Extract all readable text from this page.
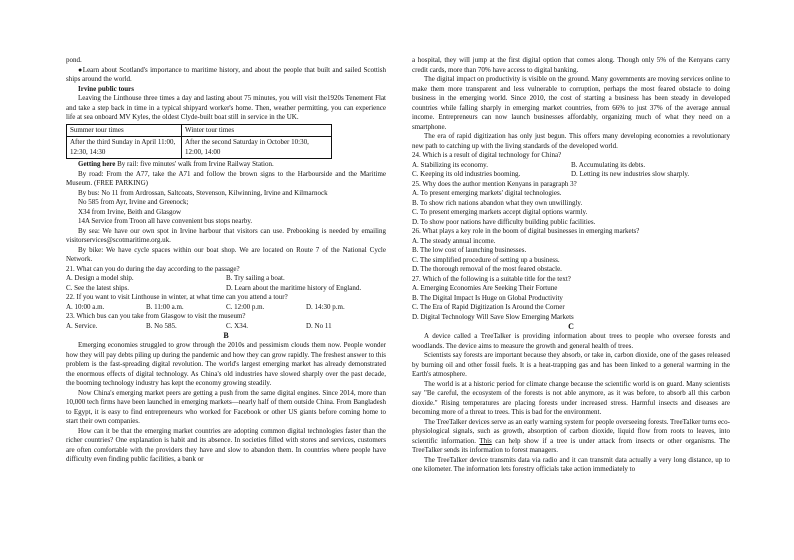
pond.

●Learn about Scotland's importance to maritime history, and about the people that built and sailed Scottish ships around the world.

Irvine public tours

Leaving the Linthouse three times a day and lasting about 75 minutes, you will visit the1920s Tenement Flat and take a step back in time in a typical shipyard worker's home. Then, weather permitting, you can experience life at sea onboard MV Kyles, the oldest Clyde-built boat still in service in the UK.

Summer tour times	Winter tour times
After the third Sunday in April 11:00, 12:30, 14:30	After the second Saturday in October 10:30, 12:00, 14:00

Getting here By rail: five minutes' walk from Irvine Railway Station.

By road: From the A77, take the A71 and follow the brown signs to the Harbourside and the Maritime Museum. (FREE PARKING)

By bus: No 11 from Ardrossan, Saltcoats, Stevenson, Kilwinning, Irvine and Kilmarnock

No 585 from Ayr, Irvine and Greenock;

X34 from Irvine, Beith and Glasgow

14A Service from Troon all have convenient bus stops nearby.

By sea: We have our own spot in Irvine harbour that visitors can use. Prebooking is needed by emailing visitorservices@scotmaritime.org.uk.

By bike: We have cycle spaces within our boat shop. We are located on Route 7 of the National Cycle Network.

21. What can you do during the day according to the passage?

A. Design a model ship.	B. Try sailing a boat.
C. See the latest ships.	D. Learn about the maritime history of England.

22. If you want to visit Linthouse in winter, at what time can you attend a tour?

A. 10:00 a.m.	B. 11:00 a.m.	C. 12:00 p.m.	D. 14:30 p.m.

23. Which bus can you take from Glasgow to visit the museum?

A. Service.	B. No 585.	C. X34.	D. No 11

B

Emerging economies struggled to grow through the 2010s and pessimism clouds them now. People wonder how they will pay debts piling up during the pandemic and how they can grow rapidly. The freshest answer to this problem is the fast-spreading digital revolution. The world's largest emerging market has already demonstrated the enormous effects of digital technology. As China's old industries have slowed sharply over the past decade, the booming technology industry has kept the economy growing steadily.

Now China's emerging market peers are getting a push from the same digital engines. Since 2014, more than 10,000 tech firms have been launched in emerging markets—nearly half of them outside China. From Bangladesh to Egypt, it is easy to find entrepreneurs who worked for Facebook or other US giants before coming home to start their own companies.

How can it be that the emerging market countries are adopting common digital technologies faster than the richer countries? One explanation is habit and its absence. In societies filled with stores and services, customers are often comfortable with the providers they have and slow to abandon them. In countries where people have difficulty even finding public facilities, a bank or

a hospital, they will jump at the first digital option that comes along. Though only 5% of the Kenyans carry credit cards, more than 70% have access to digital banking.

The digital impact on productivity is visible on the ground. Many governments are moving services online to make them more transparent and less vulnerable to corruption, perhaps the most feared obstacle to doing business in the emerging world. Since 2010, the cost of starting a business has been steady in developed countries while falling sharply in emerging market countries, from 66% to just 37% of the average annual income. Entrepreneurs can now launch businesses affordably, organizing much of what they need on a smartphone.

The era of rapid digitization has only just begun. This offers many developing economies a revolutionary new path to catching up with the living standards of the developed world.

24. Which is a result of digital technology for China?

A. Stabilizing its economy.	B. Accumulating its debts.
C. Keeping its old industries booming.	D. Letting its new industries slow sharply.

25. Why does the author mention Kenyans in paragraph 3?

A. To present emerging markets' digital technologies.

B. To show rich nations abandon what they own unwillingly.

C. To present emerging markets accept digital options warmly.

D. To show poor nations have difficulty building public facilities.

26. What plays a key role in the boom of digital businesses in emerging markets?

A. The steady annual income.

B. The low cost of launching businesses.

C. The simplified procedure of setting up a business.

D. The thorough removal of the most feared obstacle.

27. Which of the following is a suitable title for the text?

A. Emerging Economies Are Seeking Their Fortune

B. The Digital Impact Is Huge on Global Productivity

C. The Era of Rapid Digitization Is Around the Corner

D. Digital Technology Will Save Slow Emerging Markets

C

A device called a TreeTalker is providing information about trees to people who oversee forests and woodlands. The device aims to measure the growth and general health of trees.

Scientists say forests are important because they absorb, or take in, carbon dioxide, one of the gases released by burning oil and other fossil fuels. It is a heat-trapping gas and has been linked to a general warming in the Earth's atmosphere.

The world is at a historic period for climate change because the scientific world is on guard. Many scientists say "Be careful, the ecosystem of the forests is not able anymore, as it was before, to absorb all this carbon dioxide." Rising temperatures are placing forests under increased stress. Harmful insects and diseases are becoming more of a threat to trees. This is bad for the environment.

The TreeTalker devices serve as an early warning system for people overseeing forests. TreeTalker turns eco-physiological signals, such as growth, absorption of carbon dioxide, liquid flow from roots to leaves, into scientific information. This can help show if a tree is under attack from insects or other organisms. The TreeTalker sends its information to forest managers.

The TreeTalker device transmits data via radio and it can transmit data actually a very long distance, up to one kilometer. The information lets forestry officials take action immediately to
